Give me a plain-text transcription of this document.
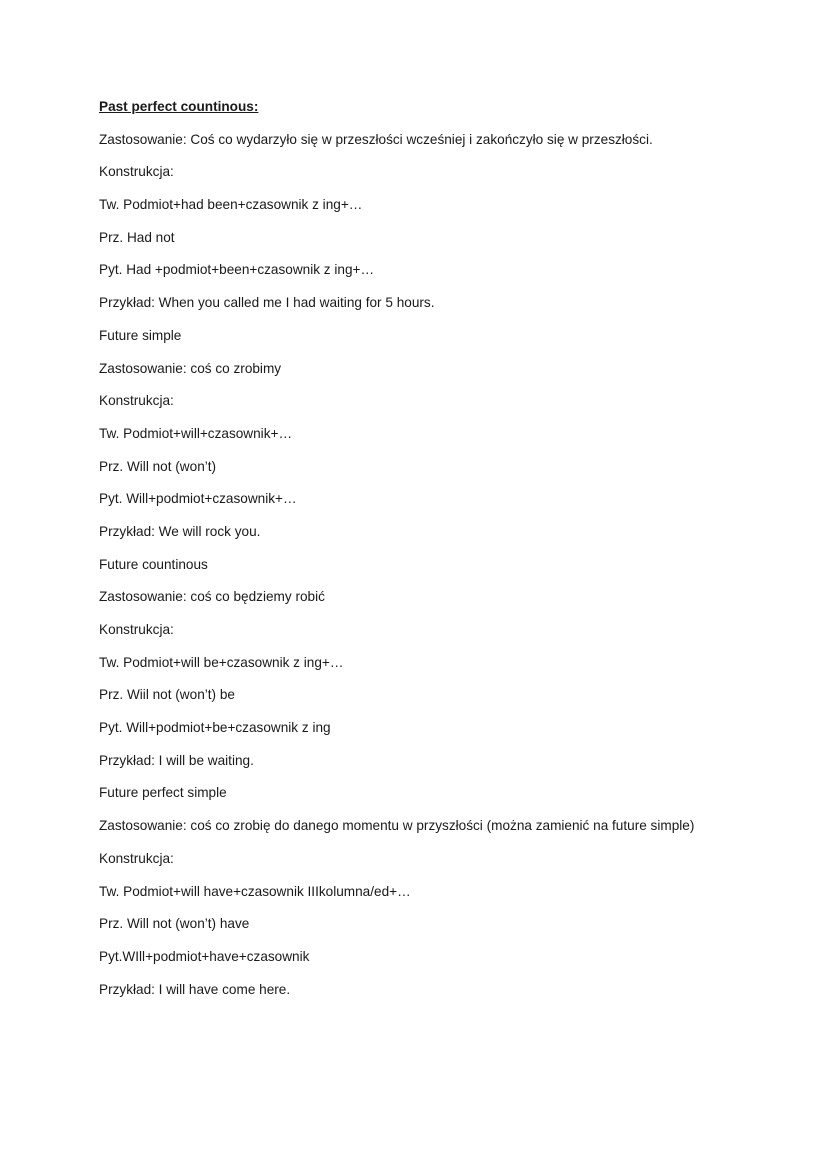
Past perfect countinous:
Zastosowanie: Coś co wydarzyło się w przeszłości wcześniej i zakończyło się w przeszłości.
Konstrukcja:
Tw. Podmiot+had been+czasownik z ing+…
Prz. Had not
Pyt. Had +podmiot+been+czasownik z ing+…
Przykład: When you called me I had waiting for 5 hours.
Future simple
Zastosowanie: coś co zrobimy
Konstrukcja:
Tw. Podmiot+will+czasownik+…
Prz. Will not (won’t)
Pyt. Will+podmiot+czasownik+…
Przykład: We will rock you.
Future countinous
Zastosowanie: coś co będziemy robić
Konstrukcja:
Tw. Podmiot+will be+czasownik z ing+…
Prz. Wiil not (won’t) be
Pyt. Will+podmiot+be+czasownik z ing
Przykład: I will be waiting.
Future perfect simple
Zastosowanie: coś co zrobię do danego momentu w przyszłości (można zamienić na future simple)
Konstrukcja:
Tw. Podmiot+will have+czasownik IIIkolumna/ed+…
Prz. Will not (won’t) have
Pyt.WIll+podmiot+have+czasownik
Przykład: I will have come here.
